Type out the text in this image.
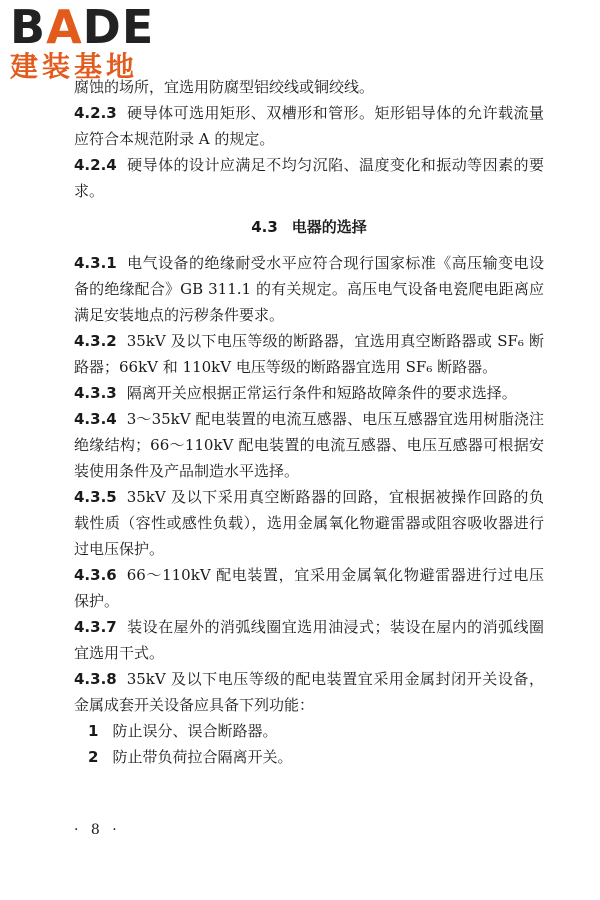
BADE
建装基地

腐蚀的场所，宜选用防腐型铝绞线或铜绞线。

4.2.3 硬导体可选用矩形、双槽形和管形。矩形铝导体的允许载流量应符合本规范附录 A 的规定。

4.2.4 硬导体的设计应满足不均匀沉陷、温度变化和振动等因素的要求。

4.3 电器的选择

4.3.1 电气设备的绝缘耐受水平应符合现行国家标准《高压输变电设备的绝缘配合》GB 311.1 的有关规定。高压电气设备电瓷爬电距离应满足安装地点的污秽条件要求。

4.3.2 35kV 及以下电压等级的断路器，宜选用真空断路器或 SF₆ 断路器；66kV 和 110kV 电压等级的断路器宜选用 SF₆ 断路器。

4.3.3 隔离开关应根据正常运行条件和短路故障条件的要求选择。

4.3.4 3～35kV 配电装置的电流互感器、电压互感器宜选用树脂浇注绝缘结构；66～110kV 配电装置的电流互感器、电压互感器可根据安装使用条件及产品制造水平选择。

4.3.5 35kV 及以下采用真空断路器的回路，宜根据被操作回路的负载性质（容性或感性负载），选用金属氧化物避雷器或阻容吸收器进行过电压保护。

4.3.6 66～110kV 配电装置，宜采用金属氧化物避雷器进行过电压保护。

4.3.7 装设在屋外的消弧线圈宜选用油浸式；装设在屋内的消弧线圈宜选用干式。

4.3.8 35kV 及以下电压等级的配电装置宜采用金属封闭开关设备，金属成套开关设备应具备下列功能：

1 防止误分、误合断路器。

2 防止带负荷拉合隔离开关。

· 8 ·
